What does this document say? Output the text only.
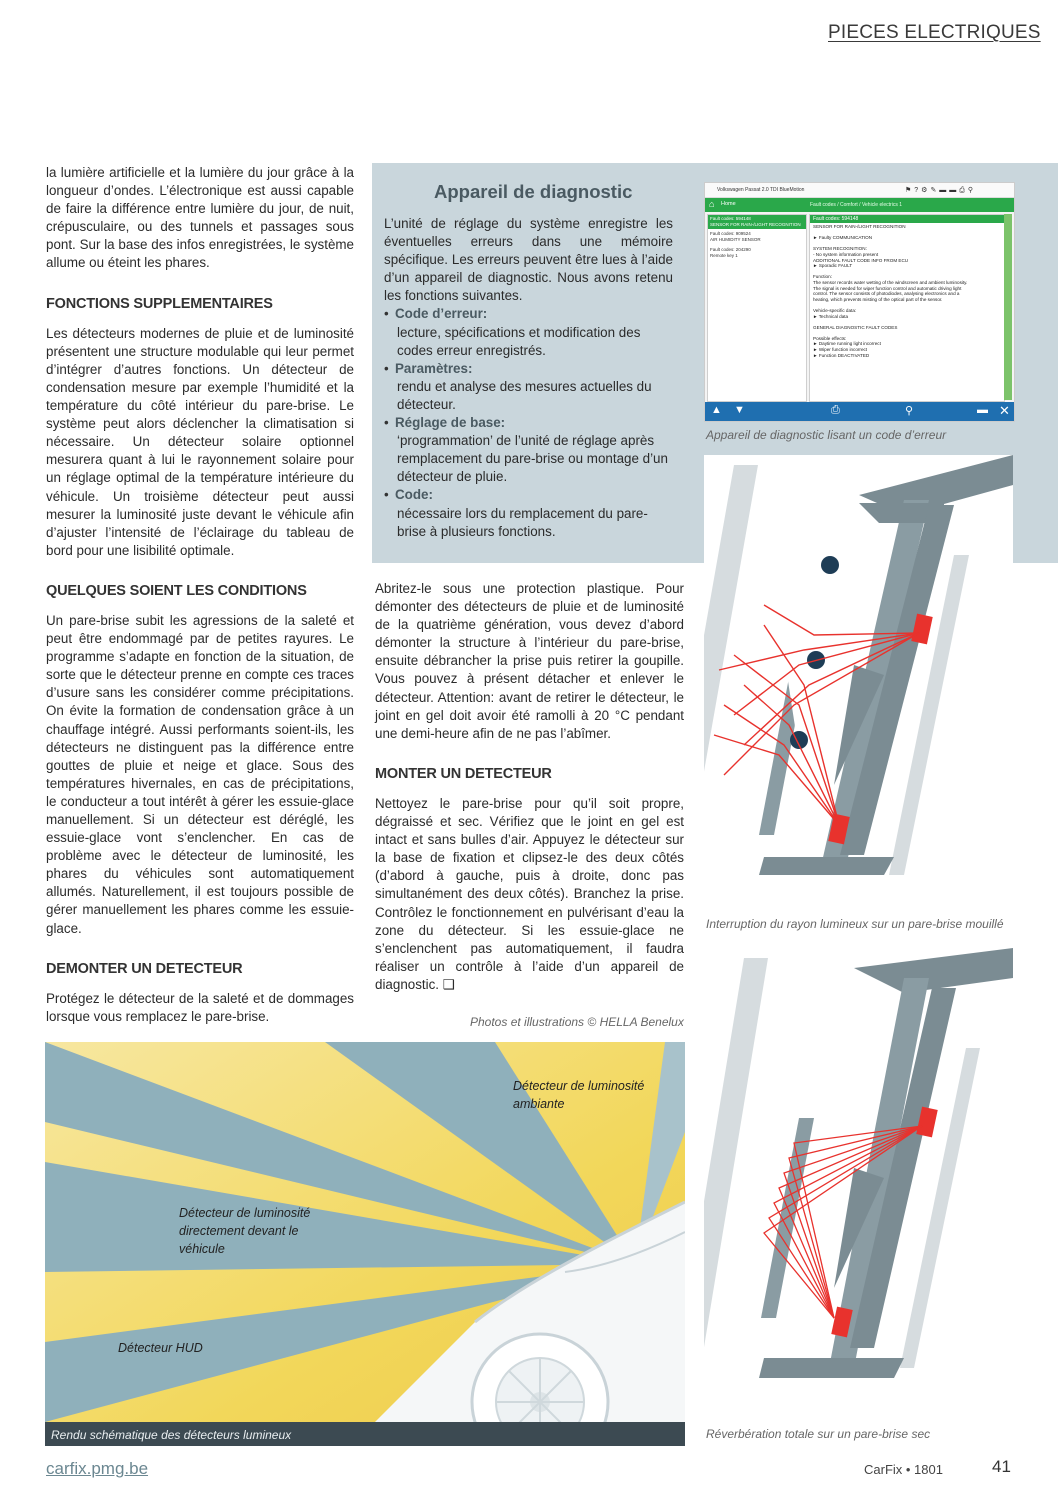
PIECES ELECTRIQUES

la lumière artificielle et la lumière du jour grâce à la longueur d’ondes. L’électronique est aussi capable de faire la différence entre lumière du jour, de nuit, crépusculaire, ou des tunnels et passages sous pont. Sur la base des infos enregistrées, le système allume ou éteint les phares.

FONCTIONS SUPPLEMENTAIRES

Les détecteurs modernes de pluie et de luminosité présentent une structure modulable qui leur permet d’intégrer d’autres fonctions. Un détecteur de condensation mesure par exemple l’humidité et la température du côté intérieur du pare-brise. Le système peut alors déclencher la climatisation si nécessaire. Un détecteur solaire optionnel mesurera quant à lui le rayonnement solaire pour un réglage optimal de la température intérieure du véhicule. Un troisième détecteur peut aussi mesurer la luminosité juste devant le véhicule afin d’ajuster l’intensité de l’éclairage du tableau de bord pour une lisibilité optimale.

QUELQUES SOIENT LES CONDITIONS

Un pare-brise subit les agressions de la saleté et peut être endommagé par de petites rayures. Le programme s’adapte en fonction de la situation, de sorte que le détecteur prenne en compte ces traces d’usure sans les considérer comme précipitations. On évite la formation de condensation grâce à un chauffage intégré. Aussi performants soient-ils, les détecteurs ne distinguent pas la différence entre gouttes de pluie et neige et glace. Sous des températures hivernales, en cas de précipitations, le conducteur a tout intérêt à gérer les essuie-glace manuellement. Si un détecteur est déréglé, les essuie-glace vont s’enclencher. En cas de problème avec le détecteur de luminosité, les phares du véhicules sont automatiquement allumés. Naturellement, il est toujours possible de gérer manuellement les phares comme les essuie-glace.

DEMONTER UN DETECTEUR

Protégez le détecteur de la saleté et de dommages lorsque vous remplacez le pare-brise.

Appareil de diagnostic

L’unité de réglage du système enregistre les éventuelles erreurs dans une mémoire spécifique. Les erreurs peuvent être lues à l’aide d’un appareil de diagnostic. Nous avons retenu les fonctions suivantes.

• Code d’erreur:
lecture, spécifications et modification des codes erreur enregistrés.
• Paramètres:
rendu et analyse des mesures actuelles du détecteur.
• Réglage de base:
‘programmation’ de l’unité de réglage après remplacement du pare-brise ou montage d’un détecteur de pluie.
• Code:
nécessaire lors du remplacement du pare-brise à plusieurs fonctions.
Volkswagen Passat 2.0 TDI BlueMotion	⚑?⚙✎▬▬⎙⚲
⌂ Home	Fault codes / Comfort / Vehicle electrics 1
Fault codes: 594148
SENSOR FOR RAIN-/LIGHT RECOGNITION
Fault codes: 909524
AIR HUMIDITY SENSOR
Fault codes: 204290
Remote key 1
Fault codes: 594148
SENSOR FOR RAIN-/LIGHT RECOGNITION

► Faulty COMMUNICATION

SYSTEM RECOGNITION:
- No system information present
ADDITIONAL FAULT CODE INFO FROM ECU
► Sporadic FAULT

Function:
The sensor records water wetting of the windscreen and ambient luminosity.
The signal is needed for wiper function control and automatic driving light
control. The sensor consists of photodiodes, analysing electronics and a
heating, which prevents misting of the optical part of the sensor.

Vehicle-specific data:
► Technical data

GENERAL DIAGNOSTIC FAULT CODES

Possible effects:
► Daytime running light incorrect
► Wiper function incorrect
► Function DEACTIVATED
▲ ▼	⎙	⚲	▬ ✕
Appareil de diagnostic lisant un code d’erreur
Interruption du rayon lumineux sur un pare-brise mouillé
Réverbération totale sur un pare-brise sec

Abritez-le sous une protection plastique. Pour démonter des détecteurs de pluie et de luminosité de la quatrième génération, vous devez d’abord démonter la structure à l’intérieur du pare-brise, ensuite débrancher la prise puis retirer la goupille. Vous pouvez à présent détacher et enlever le détecteur. Attention: avant de retirer le détecteur, le joint en gel doit avoir été ramolli à 20 °C pendant une demi-heure afin de ne pas l’abîmer.

MONTER UN DETECTEUR

Nettoyez le pare-brise pour qu’il soit propre, dégraissé et sec. Vérifiez que le joint en gel est intact et sans bulles d’air. Appuyez le détecteur sur la base de fixation et clipsez-le des deux côtés (d’abord à gauche, puis à droite, donc pas simultanément des deux côtés). Branchez la prise. Contrôlez le fonctionnement en pulvérisant d’eau la zone du détecteur. Si les essuie-glace ne s’enclenchent pas automatiquement, il faudra réaliser un contrôle à l’aide d’un appareil de diagnostic. ❑

Photos et illustrations © HELLA Benelux
Détecteur de luminosité ambiante
Détecteur de luminosité directement devant le véhicule
Détecteur HUD
Rendu schématique des détecteurs lumineux
carfix.pmg.be	CarFix • 1801	41
